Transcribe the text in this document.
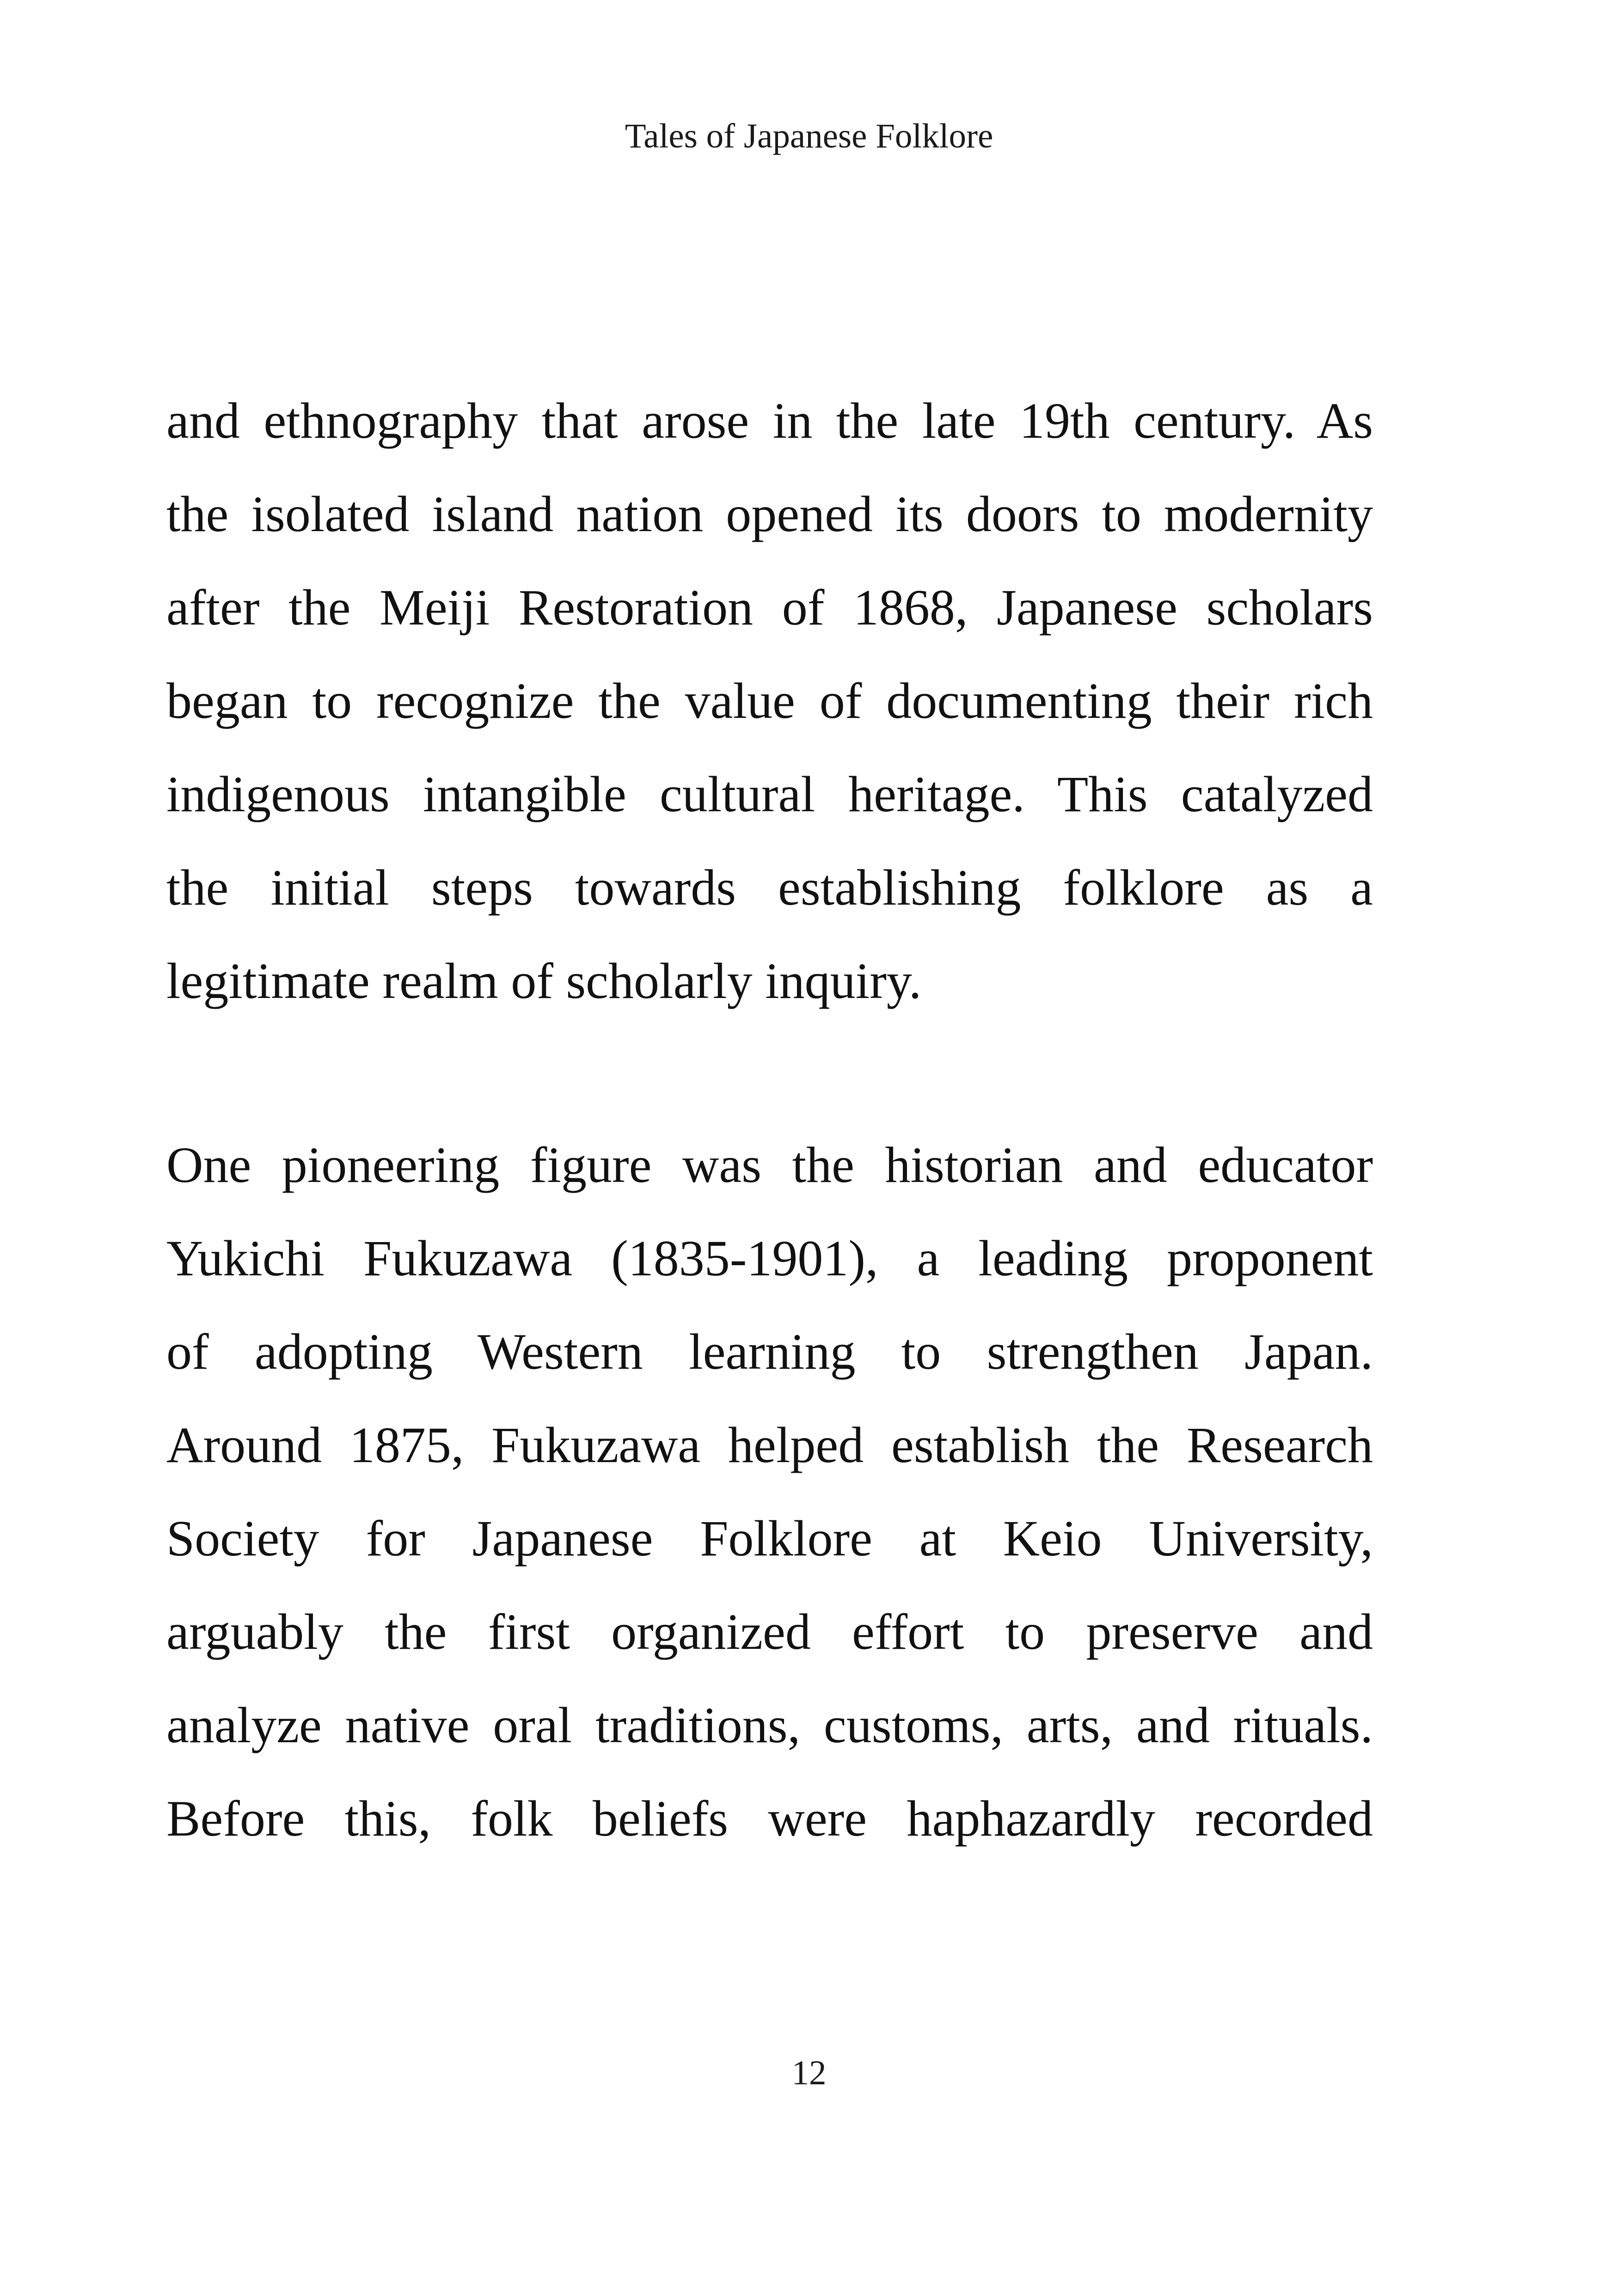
Tales of Japanese Folklore
and ethnography that arose in the late 19th century. As
the isolated island nation opened its doors to modernity
after the Meiji Restoration of 1868, Japanese scholars
began to recognize the value of documenting their rich
indigenous intangible cultural heritage. This catalyzed
the initial steps towards establishing folklore as a
legitimate realm of scholarly inquiry.
One pioneering figure was the historian and educator
Yukichi Fukuzawa (1835-1901), a leading proponent
of adopting Western learning to strengthen Japan.
Around 1875, Fukuzawa helped establish the Research
Society for Japanese Folklore at Keio University,
arguably the first organized effort to preserve and
analyze native oral traditions, customs, arts, and rituals.
Before this, folk beliefs were haphazardly recorded
12
